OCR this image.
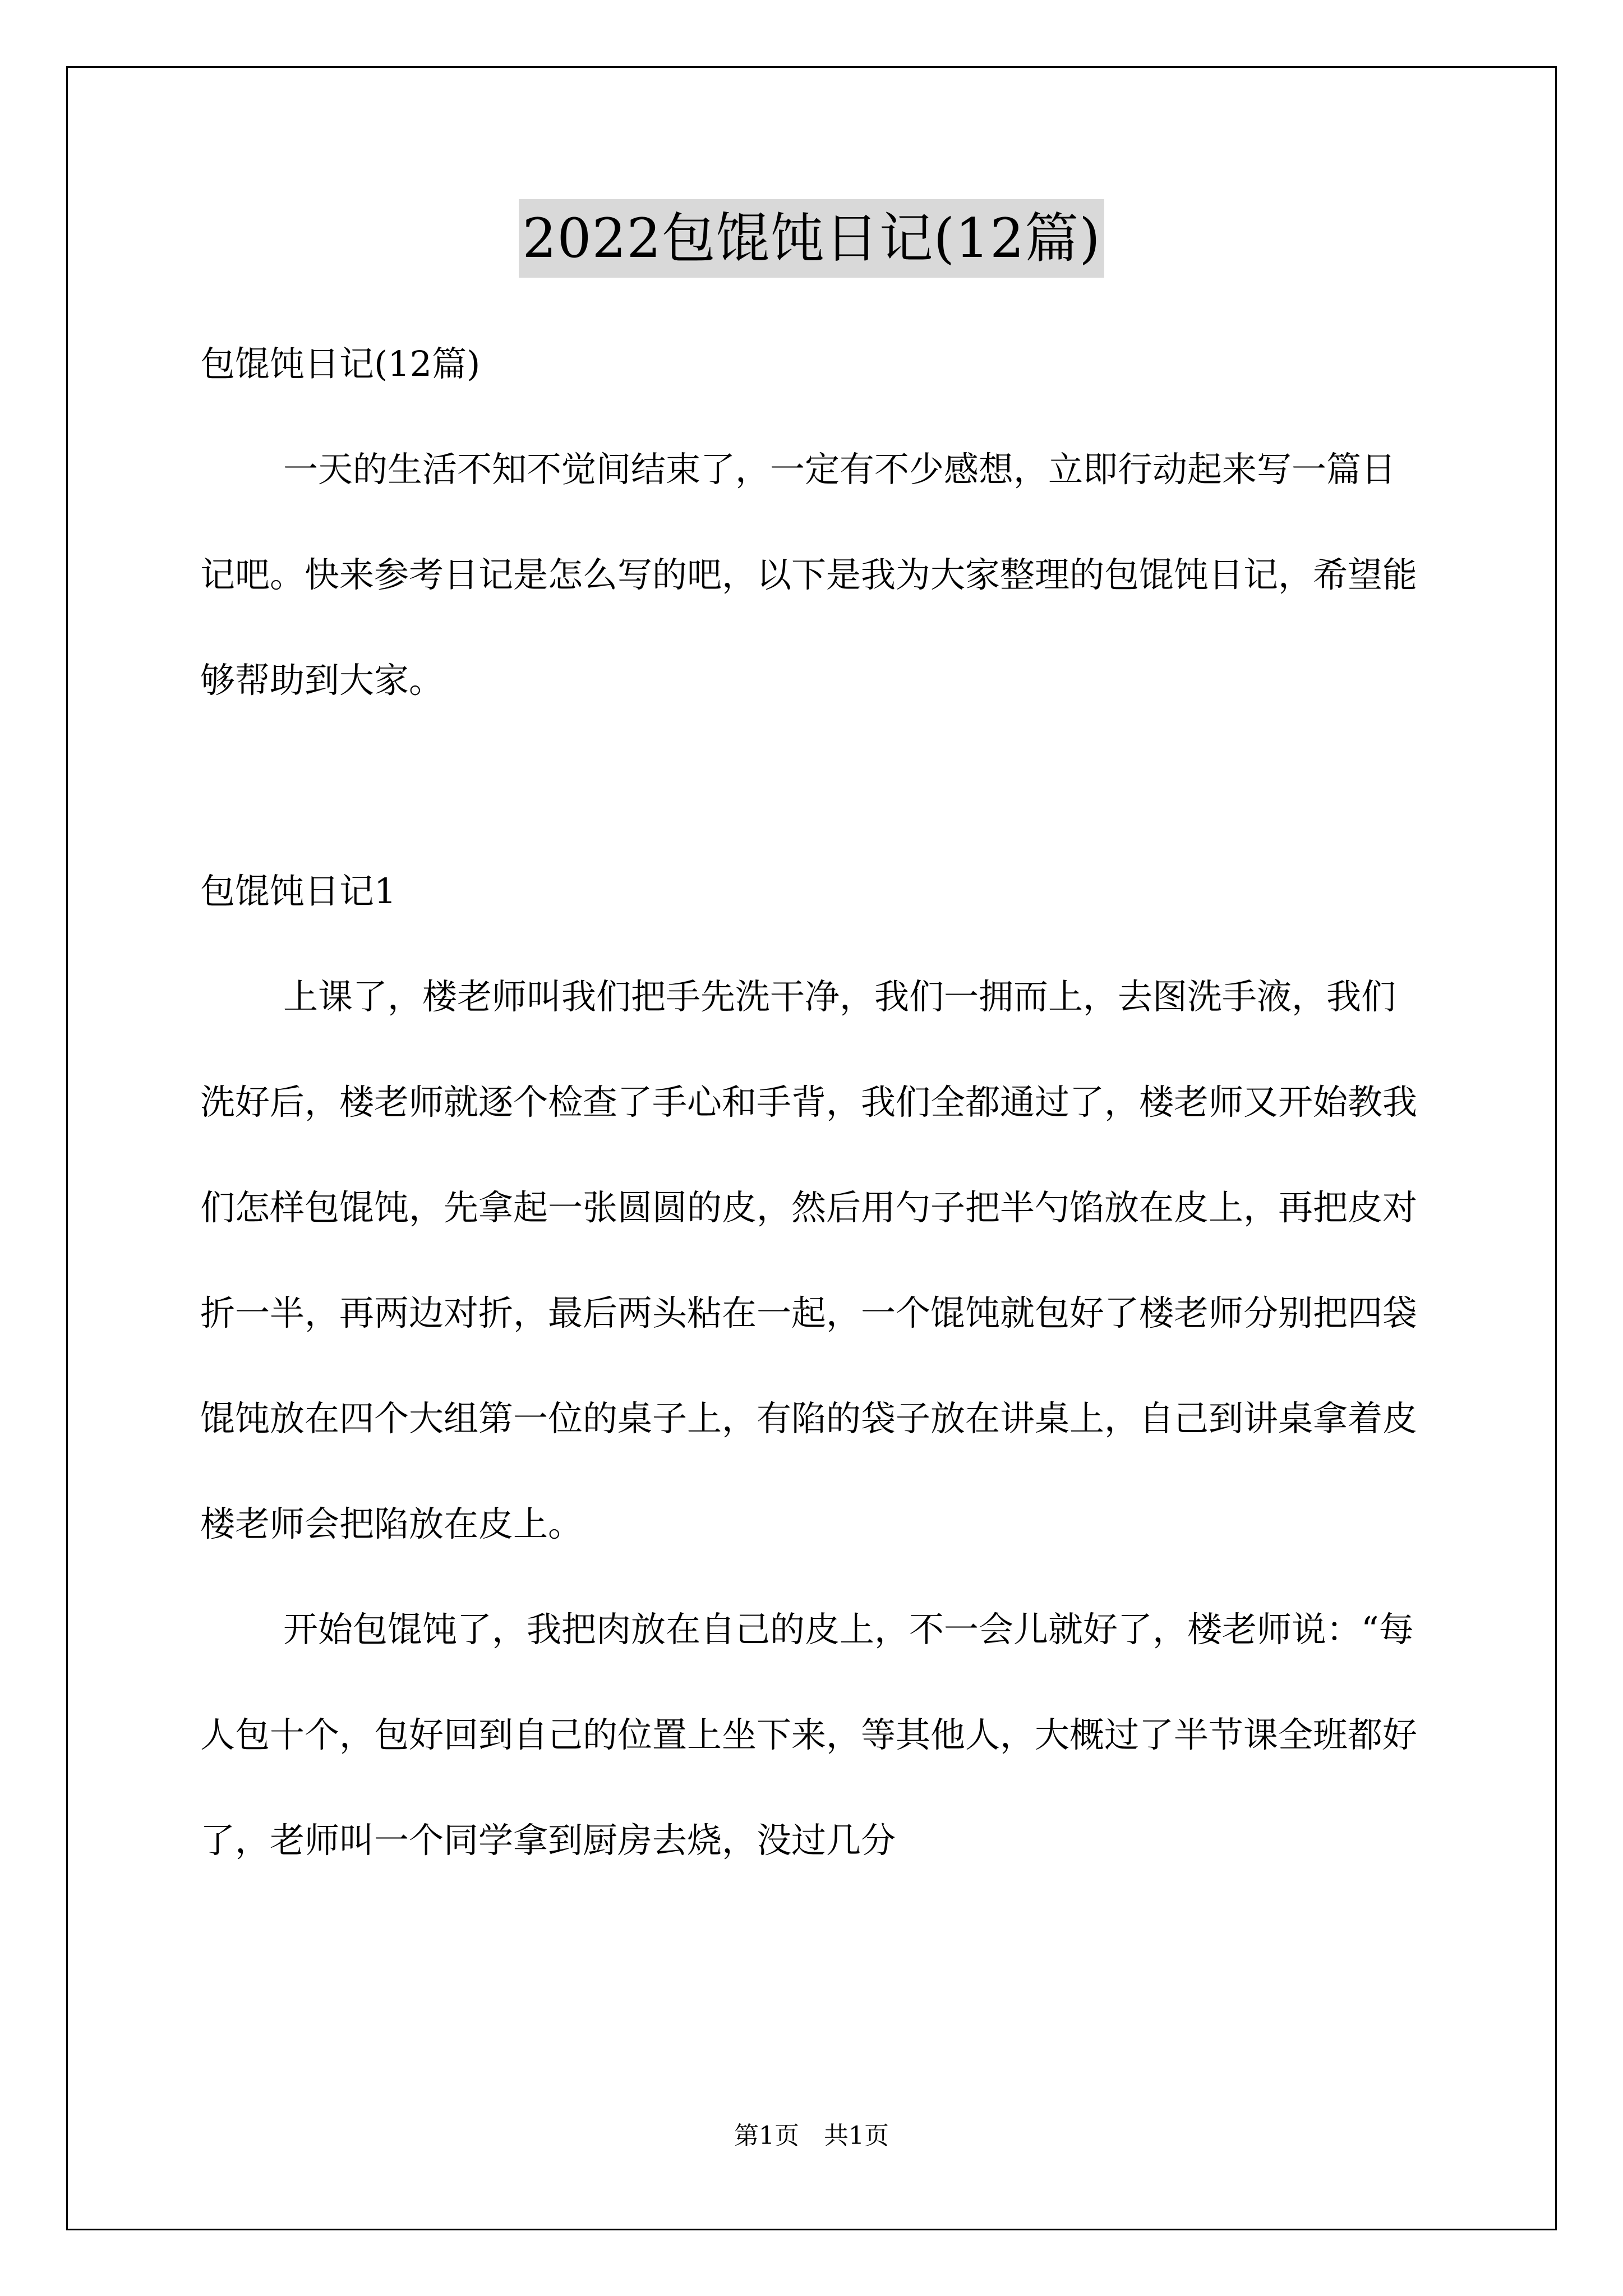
2022包馄饨日记(12篇)

包馄饨日记(12篇)

一天的生活不知不觉间结束了，一定有不少感想，立即行动起来写一篇日记吧。快来参考日记是怎么写的吧，以下是我为大家整理的包馄饨日记，希望能够帮助到大家。

包馄饨日记1

上课了，楼老师叫我们把手先洗干净，我们一拥而上，去图洗手液，我们洗好后，楼老师就逐个检查了手心和手背，我们全都通过了，楼老师又开始教我们怎样包馄饨，先拿起一张圆圆的皮，然后用勺子把半勺馅放在皮上，再把皮对折一半，再两边对折，最后两头粘在一起，一个馄饨就包好了楼老师分别把四袋馄饨放在四个大组第一位的桌子上，有陷的袋子放在讲桌上，自己到讲桌拿着皮楼老师会把陷放在皮上。

开始包馄饨了，我把肉放在自己的皮上，不一会儿就好了，楼老师说：“每人包十个，包好回到自己的位置上坐下来，等其他人，大概过了半节课全班都好了，老师叫一个同学拿到厨房去烧，没过几分

第1页　共1页
